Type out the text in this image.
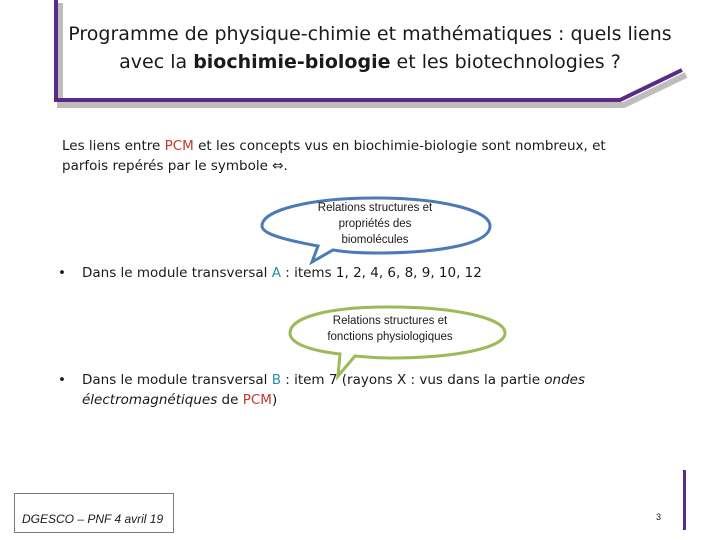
Programme de physique-chimie et mathématiques : quels liens
avec la biochimie-biologie et les biotechnologies ?
Les liens entre PCM et les concepts vus en biochimie-biologie sont nombreux, et
parfois repérés par le symbole ⇔.
Relations structures et
propriétés des
biomolécules
Relations structures et
fonctions physiologiques
• Dans le module transversal A : items 1, 2, 4, 6, 8, 9, 10, 12
• Dans le module transversal B : item 7 (rayons X : vus dans la partie ondes
électromagnétiques de PCM)
DGESCO – PNF 4 avril 19	3
